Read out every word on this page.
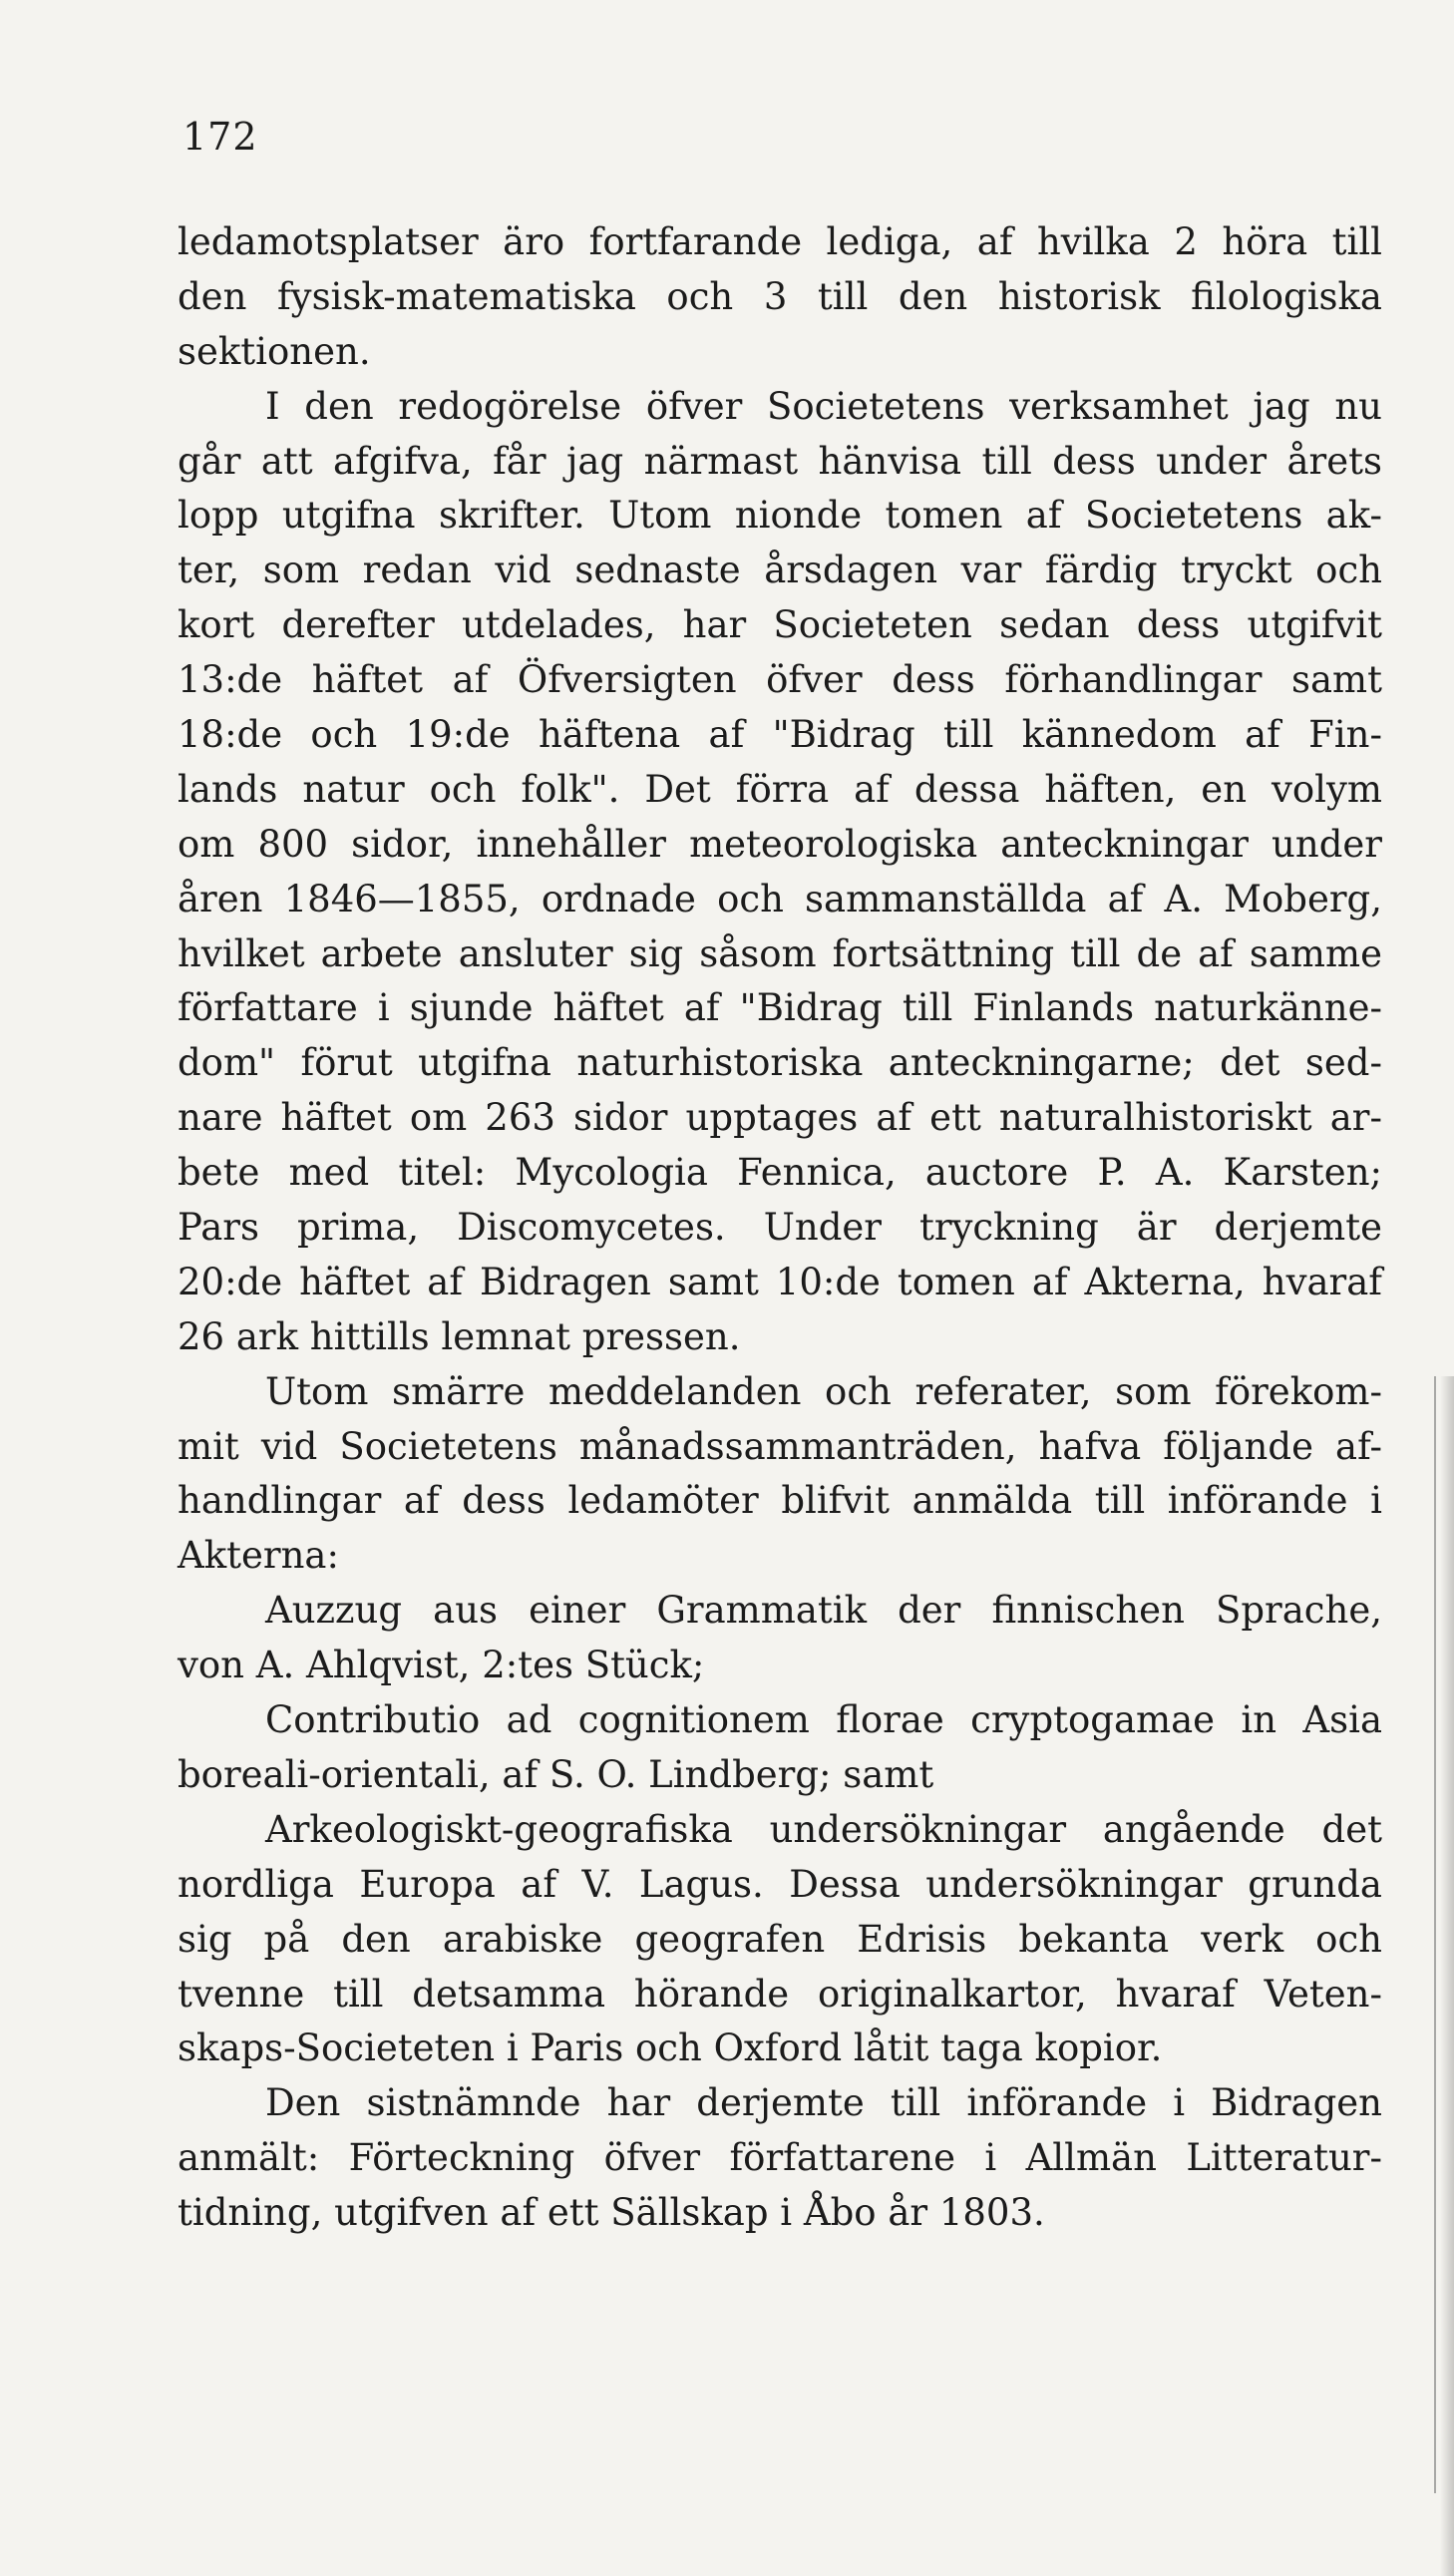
172
ledamotsplatser äro fortfarande lediga, af hvilka 2 höra till
den fysisk-matematiska och 3 till den historisk filologiska
sektionen.
I den redogörelse öfver Societetens verksamhet jag nu
går att afgifva, får jag närmast hänvisa till dess under årets
lopp utgifna skrifter. Utom nionde tomen af Societetens ak-
ter, som redan vid sednaste årsdagen var färdig tryckt och
kort derefter utdelades, har Societeten sedan dess utgifvit
13:de häftet af Öfversigten öfver dess förhandlingar samt
18:de och 19:de häftena af "Bidrag till kännedom af Fin-
lands natur och folk". Det förra af dessa häften, en volym
om 800 sidor, innehåller meteorologiska anteckningar under
åren 1846—1855, ordnade och sammanställda af A. Moberg,
hvilket arbete ansluter sig såsom fortsättning till de af samme
författare i sjunde häftet af "Bidrag till Finlands naturkänne-
dom" förut utgifna naturhistoriska anteckningarne; det sed-
nare häftet om 263 sidor upptages af ett naturalhistoriskt ar-
bete med titel: Mycologia Fennica, auctore P. A. Karsten;
Pars prima, Discomycetes. Under tryckning är derjemte
20:de häftet af Bidragen samt 10:de tomen af Akterna, hvaraf
26 ark hittills lemnat pressen.
Utom smärre meddelanden och referater, som förekom-
mit vid Societetens månadssammanträden, hafva följande af-
handlingar af dess ledamöter blifvit anmälda till införande i
Akterna:
Auzzug aus einer Grammatik der finnischen Sprache,
von A. Ahlqvist, 2:tes Stück;
Contributio ad cognitionem florae cryptogamae in Asia
boreali-orientali, af S. O. Lindberg; samt
Arkeologiskt-geografiska undersökningar angående det
nordliga Europa af V. Lagus. Dessa undersökningar grunda
sig på den arabiske geografen Edrisis bekanta verk och
tvenne till detsamma hörande originalkartor, hvaraf Veten-
skaps-Societeten i Paris och Oxford låtit taga kopior.
Den sistnämnde har derjemte till införande i Bidragen
anmält: Förteckning öfver författarene i Allmän Litteratur-
tidning, utgifven af ett Sällskap i Åbo år 1803.
